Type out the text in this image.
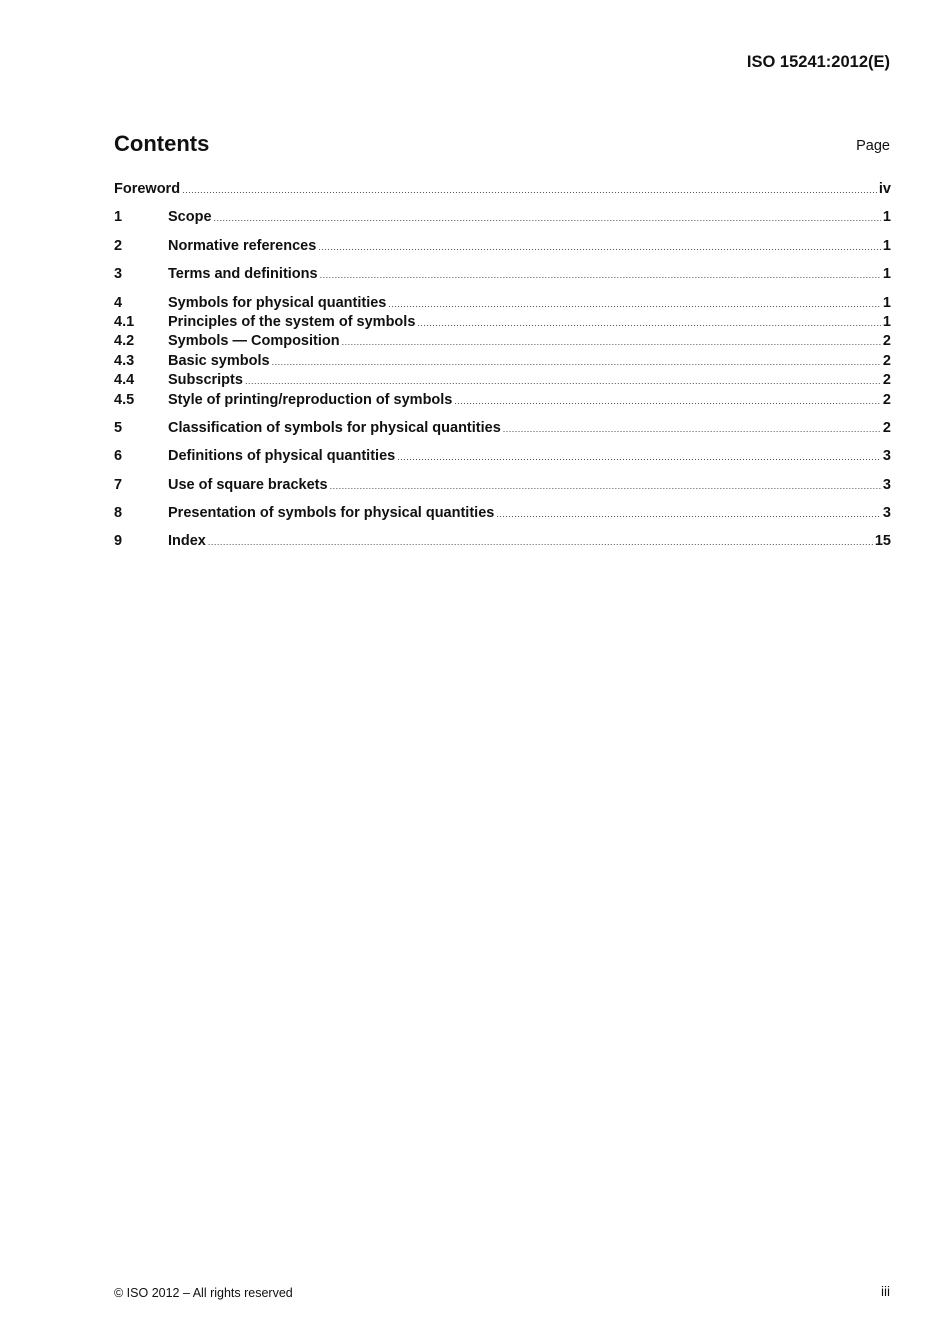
ISO 15241:2012(E)
Contents	Page
Foreword .....	iv
1	Scope .....	1
2	Normative references .....	1
3	Terms and definitions .....	1
4	Symbols for physical quantities .....	1
4.1	Principles of the system of symbols .....	1
4.2	Symbols — Composition .....	2
4.3	Basic symbols .....	2
4.4	Subscripts .....	2
4.5	Style of printing/reproduction of symbols .....	2
5	Classification of symbols for physical quantities .....	2
6	Definitions of physical quantities .....	3
7	Use of square brackets .....	3
8	Presentation of symbols for physical quantities .....	3
9	Index .....	15
© ISO 2012 – All rights reserved	iii
